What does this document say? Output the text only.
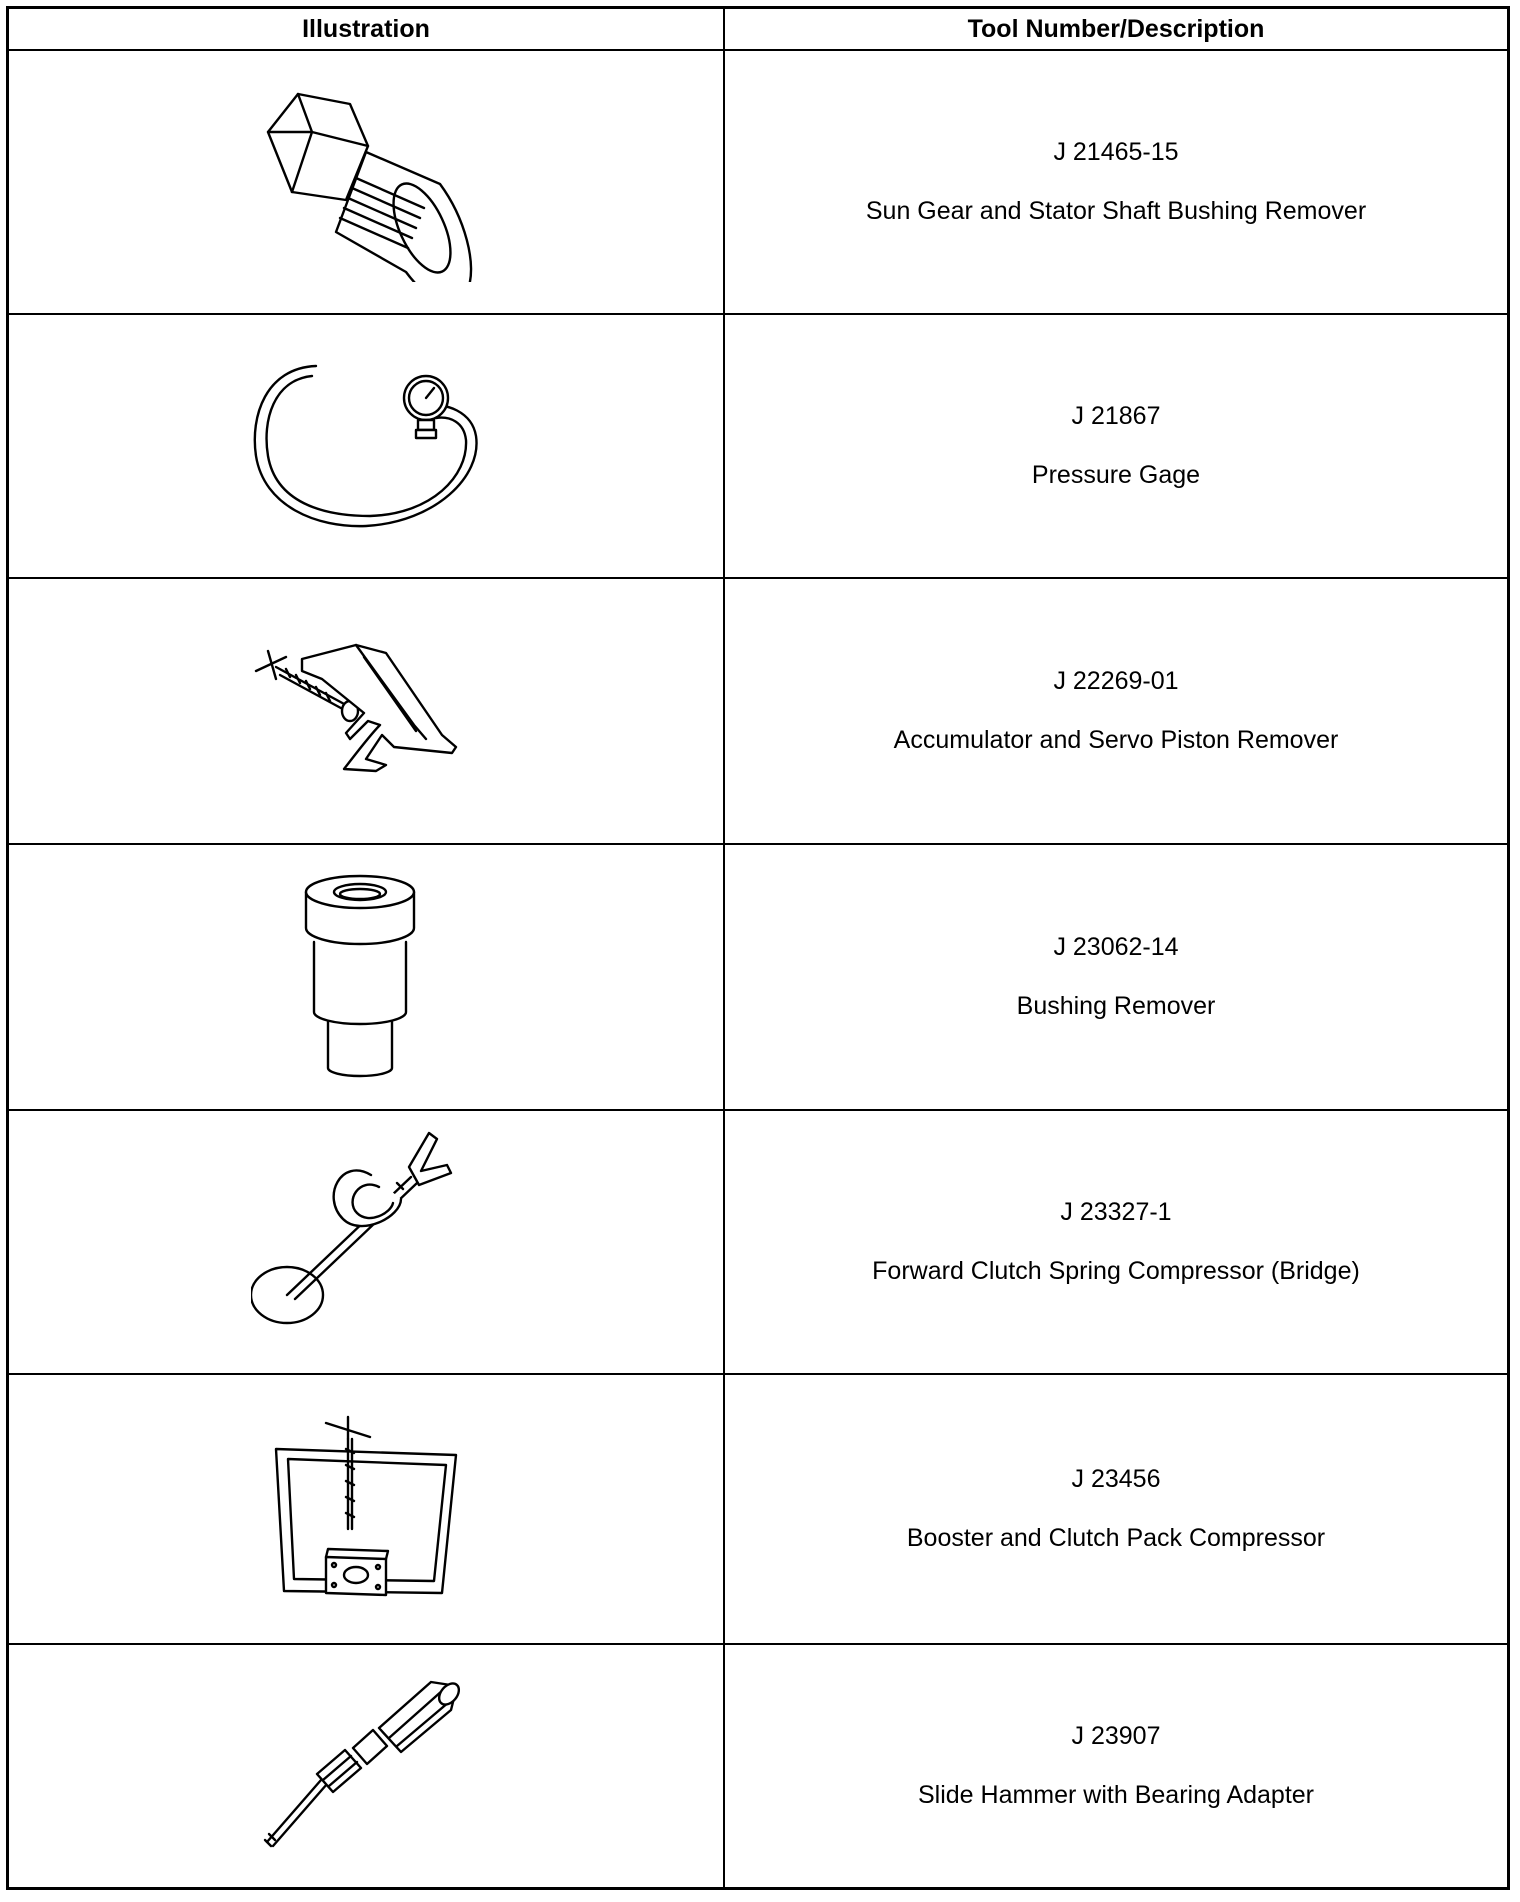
Illustration	Tool Number/Description
J 21465-15
Sun Gear and Stator Shaft Bushing Remover
J 21867
Pressure Gage
J 22269-01
Accumulator and Servo Piston Remover
J 23062-14
Bushing Remover
J 23327-1
Forward Clutch Spring Compressor (Bridge)
J 23456
Booster and Clutch Pack Compressor
J 23907
Slide Hammer with Bearing Adapter
